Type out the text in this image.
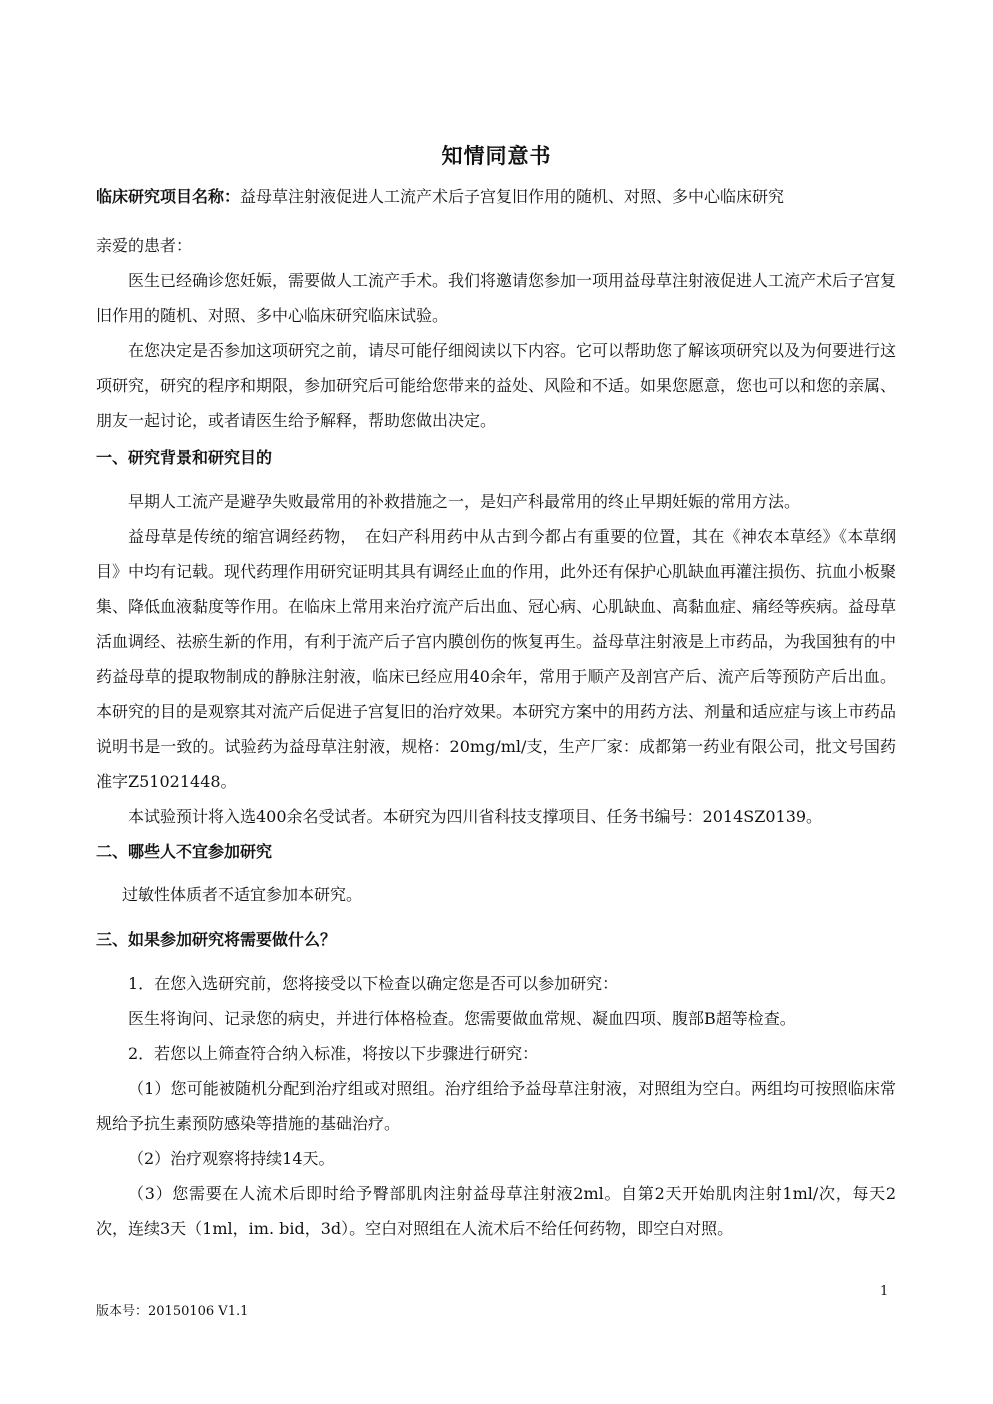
知情同意书
临床研究项目名称：益母草注射液促进人工流产术后子宫复旧作用的随机、对照、多中心临床研究

亲爱的患者：

医生已经确诊您妊娠，需要做人工流产手术。我们将邀请您参加一项用益母草注射液促进人工流产术后子宫复旧作用的随机、对照、多中心临床研究临床试验。

在您决定是否参加这项研究之前，请尽可能仔细阅读以下内容。它可以帮助您了解该项研究以及为何要进行这项研究，研究的程序和期限，参加研究后可能给您带来的益处、风险和不适。如果您愿意，您也可以和您的亲属、朋友一起讨论，或者请医生给予解释，帮助您做出决定。

一、研究背景和研究目的

早期人工流产是避孕失败最常用的补救措施之一，是妇产科最常用的终止早期妊娠的常用方法。

益母草是传统的缩宫调经药物，　在妇产科用药中从古到今都占有重要的位置，其在《神农本草经》《本草纲目》中均有记载。现代药理作用研究证明其具有调经止血的作用，此外还有保护心肌缺血再灌注损伤、抗血小板聚集、降低血液黏度等作用。在临床上常用来治疗流产后出血、冠心病、心肌缺血、高黏血症、痛经等疾病。益母草活血调经、祛瘀生新的作用，有利于流产后子宫内膜创伤的恢复再生。益母草注射液是上市药品，为我国独有的中药益母草的提取物制成的静脉注射液，临床已经应用40余年，常用于顺产及剖宫产后、流产后等预防产后出血。本研究的目的是观察其对流产后促进子宫复旧的治疗效果。本研究方案中的用药方法、剂量和适应症与该上市药品说明书是一致的。试验药为益母草注射液，规格：20mg/ml/支，生产厂家：成都第一药业有限公司，批文号国药准字Z51021448。

本试验预计将入选400余名受试者。本研究为四川省科技支撑项目、任务书编号：2014SZ0139。

二、哪些人不宜参加研究

过敏性体质者不适宜参加本研究。

三、如果参加研究将需要做什么？

1．在您入选研究前，您将接受以下检查以确定您是否可以参加研究：

医生将询问、记录您的病史，并进行体格检查。您需要做血常规、凝血四项、腹部B超等检查。

2．若您以上筛查符合纳入标准，将按以下步骤进行研究：

（1）您可能被随机分配到治疗组或对照组。治疗组给予益母草注射液，对照组为空白。两组均可按照临床常规给予抗生素预防感染等措施的基础治疗。

（2）治疗观察将持续14天。

（3）您需要在人流术后即时给予臀部肌肉注射益母草注射液2ml。自第2天开始肌肉注射1ml/次，每天2次，连续3天（1ml，im. bid，3d）。空白对照组在人流术后不给任何药物，即空白对照。

1
版本号：20150106 V1.1
